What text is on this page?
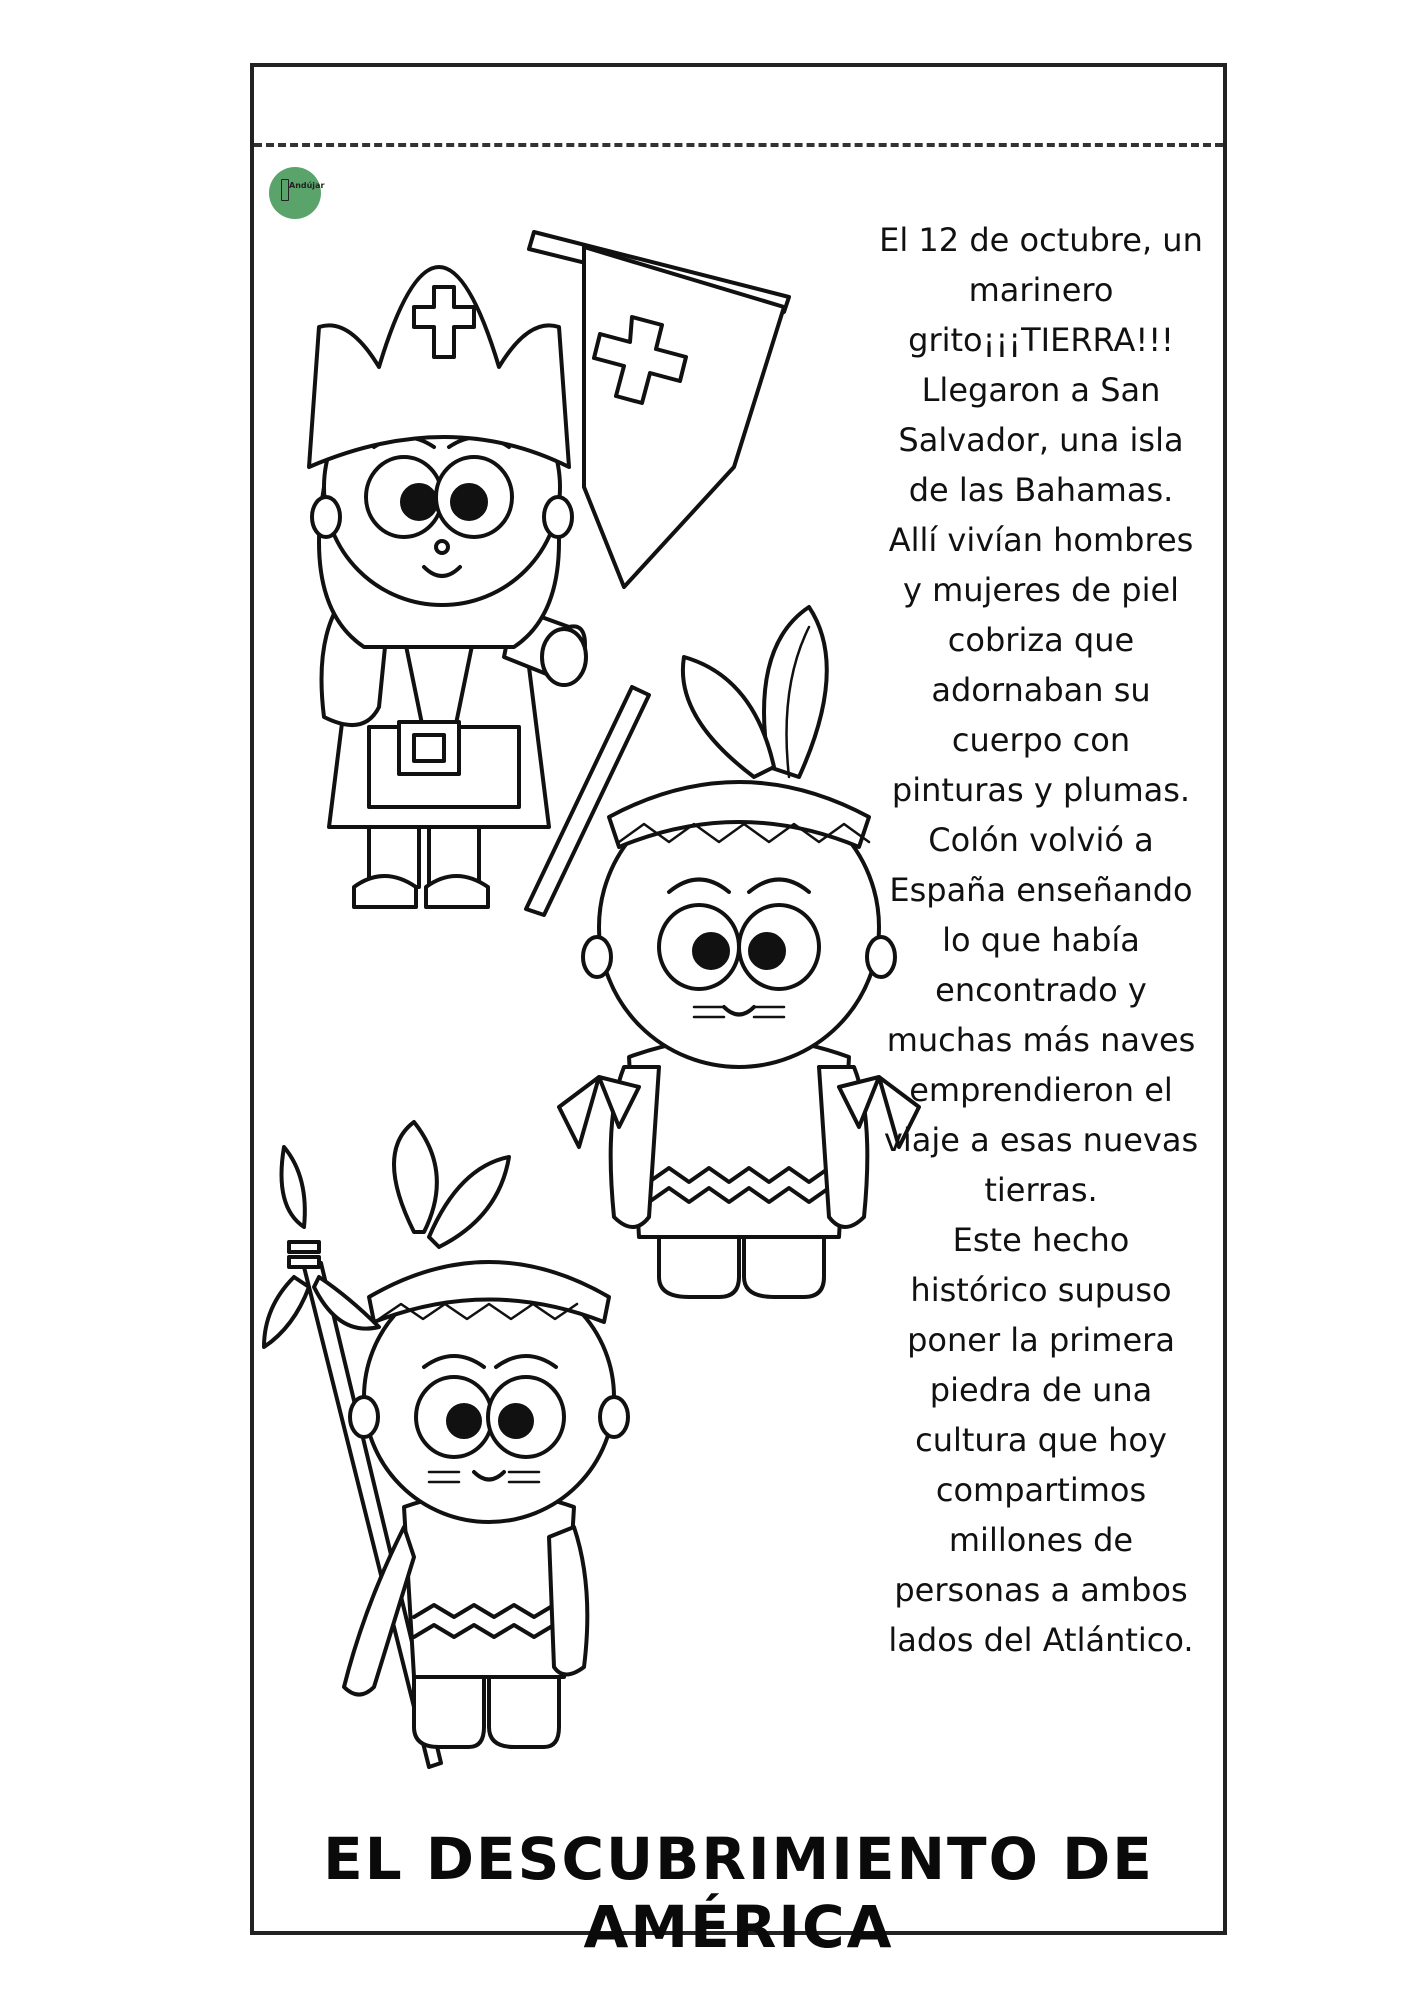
Andújar

El 12 de octubre, un
marinero
grito¡¡¡TIERRA!!!
Llegaron a San
Salvador, una isla
de las Bahamas.
Allí vivían hombres
y mujeres de piel
cobriza que
adornaban su
cuerpo con
pinturas y plumas.
Colón volvió a
España enseñando
lo que había
encontrado y
muchas más naves
emprendieron el
viaje a esas nuevas
tierras.
Este hecho
histórico supuso
poner la primera
piedra de una
cultura que hoy
compartimos
millones de
personas a ambos
lados del Atlántico.

EL DESCUBRIMIENTO DE AMÉRICA
